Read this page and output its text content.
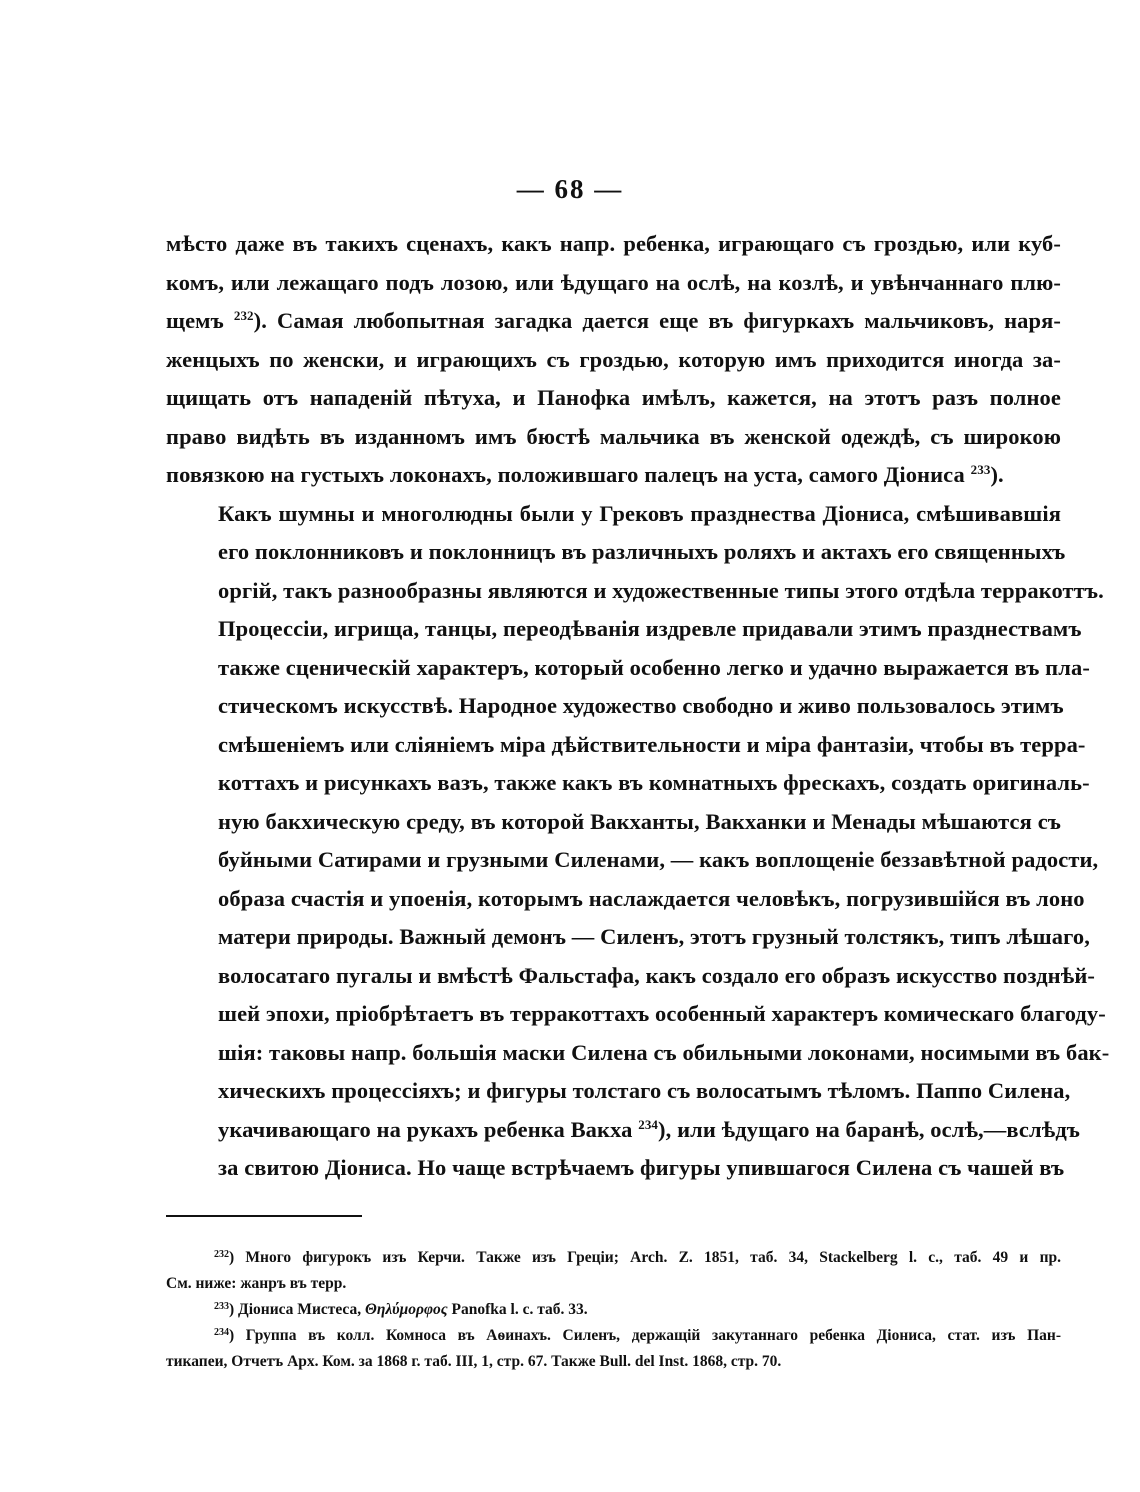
— 68 —

мѣсто даже въ такихъ сценахъ, какъ напр. ребенка, играющаго съ гроздью, или куб-
комъ, или лежащаго подъ лозою, или ѣдущаго на ослѣ, на козлѣ, и увѣнчаннаго плю-
щемъ $^{232}$). Самая любопытная загадка дается еще въ фигуркахъ мальчиковъ, наря-
женцыхъ по женски, и играющихъ съ гроздью, которую имъ приходится иногда за-
щищать отъ нападеній пѣтуха, и Панофка имѣлъ, кажется, на этотъ разъ полное
право видѣть въ изданномъ имъ бюстѣ мальчика въ женской одеждѣ, съ широкою
повязкою на густыхъ локонахъ, положившаго палецъ на уста, самого Діониса $^{233}$).

Какъ шумны и многолюдны были у Грековъ празднества Діониса, смѣшивавшія
его поклонниковъ и поклонницъ въ различныхъ роляхъ и актахъ его священныхъ
оргій, такъ разнообразны являются и художественные типы этого отдѣла терракоттъ.
Процессіи, игрища, танцы, переодѣванія издревле придавали этимъ празднествамъ
также сценическій характеръ, который особенно легко и удачно выражается въ пла-
стическомъ искусствѣ. Народное художество свободно и живо пользовалось этимъ
смѣшеніемъ или сліяніемъ міра дѣйствительности и міра фантазіи, чтобы въ терра-
коттахъ и рисункахъ вазъ, также какъ въ комнатныхъ фрескахъ, создать оригиналь-
ную бакхическую среду, въ которой Вакханты, Вакханки и Менады мѣшаются съ
буйными Сатирами и грузными Силенами, — какъ воплощеніе беззавѣтной радости,
образа счастія и упоенія, которымъ наслаждается человѣкъ, погрузившійся въ лоно
матери природы. Важный демонъ — Силенъ, этотъ грузный толстякъ, типъ лѣшаго,
волосатаго пугалы и вмѣстѣ Фальстафа, какъ создало его образъ искусство позднѣй-
шей эпохи, пріобрѣтаетъ въ терракоттахъ особенный характеръ комическаго благоду-
шія: таковы напр. большія маски Силена съ обильными локонами, носимыми въ бак-
хическихъ процессіяхъ; и фигуры толстаго съ волосатымъ тѣломъ. Паппо Силена,
укачивающаго на рукахъ ребенка Вакха $^{234}$), или ѣдущаго на баранѣ, ослѣ,—вслѣдъ
за свитою Діониса. Но чаще встрѣчаемъ фигуры упившагося Силена съ чашей въ

$^{232}$) Много фигурокъ изъ Керчи. Также изъ Греціи; Arch. Z. 1851, таб. 34, Stackelberg l. c., таб. 49 и пр.
См. ниже: жанръ въ терр.
$^{233}$) Діониса Мистеса, Θηλύμορφος Panofka l. c. таб. 33.
$^{234}$) Группа въ колл. Комноса въ Аѳинахъ. Силенъ, держащій закутаннаго ребенка Діониса, стат. изъ Пан-
тикапеи, Отчетъ Арх. Ком. за 1868 г. таб. III, 1, стр. 67. Также Bull. del Inst. 1868, стр. 70.
